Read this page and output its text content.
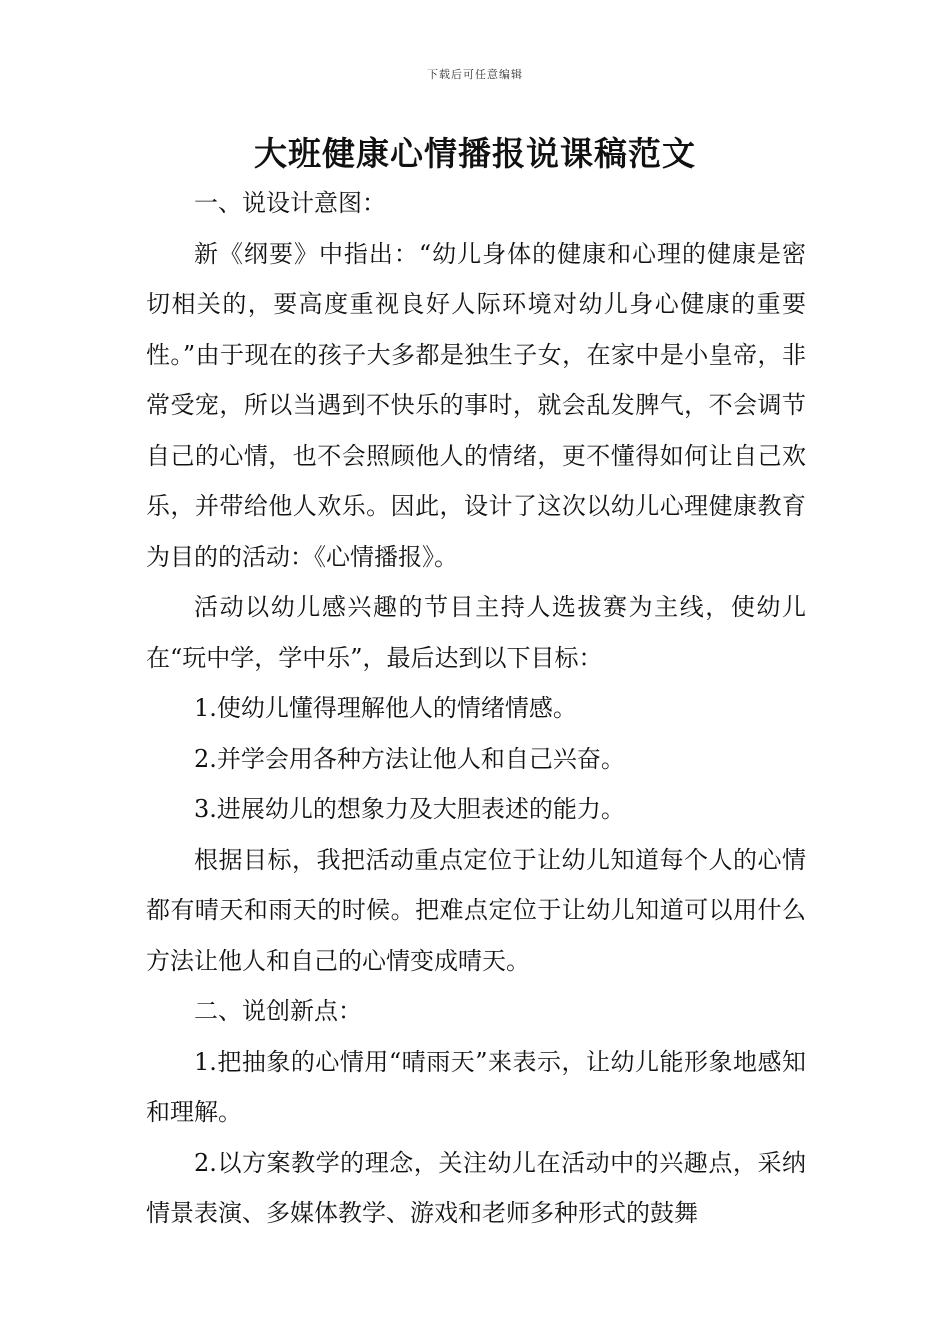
下载后可任意编辑
大班健康心情播报说课稿范文

一、说设计意图：

新《纲要》中指出：“幼儿身体的健康和心理的健康是密切相关的，要高度重视良好人际环境对幼儿身心健康的重要性。”由于现在的孩子大多都是独生子女，在家中是小皇帝，非常受宠，所以当遇到不快乐的事时，就会乱发脾气，不会调节自己的心情，也不会照顾他人的情绪，更不懂得如何让自己欢乐，并带给他人欢乐。因此，设计了这次以幼儿心理健康教育为目的的活动：《心情播报》。

活动以幼儿感兴趣的节目主持人选拔赛为主线，使幼儿在“玩中学，学中乐”，最后达到以下目标：

1.使幼儿懂得理解他人的情绪情感。

2.并学会用各种方法让他人和自己兴奋。

3.进展幼儿的想象力及大胆表述的能力。

根据目标，我把活动重点定位于让幼儿知道每个人的心情都有晴天和雨天的时候。把难点定位于让幼儿知道可以用什么方法让他人和自己的心情变成晴天。

二、说创新点：

1.把抽象的心情用“晴雨天”来表示，让幼儿能形象地感知和理解。

2.以方案教学的理念，关注幼儿在活动中的兴趣点，采纳情景表演、多媒体教学、游戏和老师多种形式的鼓舞
